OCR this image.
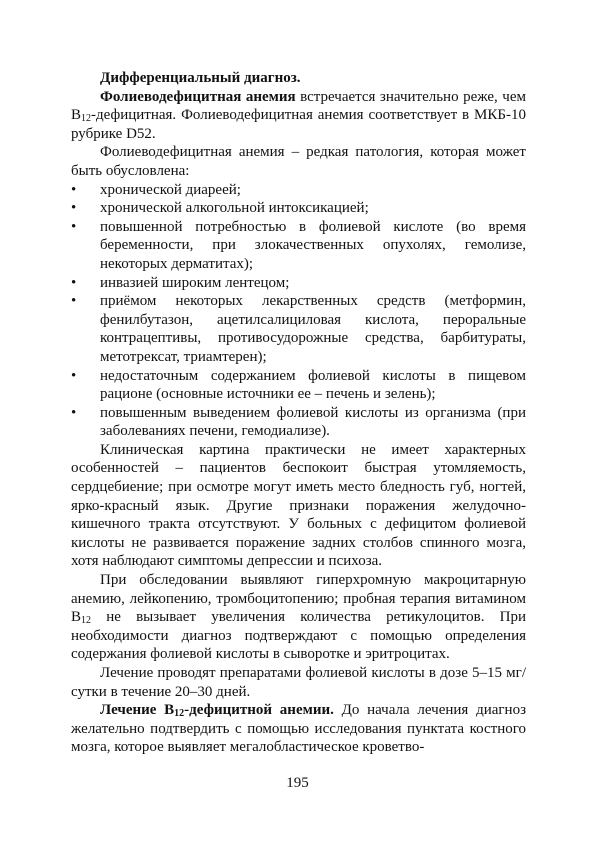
Дифференциальный диагноз.

Фолиеводефицитная анемия встречается значительно реже, чем $В_{12}$-дефицитная. Фолиеводефицитная анемия соответствует в МКБ-10 рубрике D52.

Фолиеводефицитная анемия – редкая патология, которая может быть обусловлена:

• хронической диареей;
• хронической алкогольной интоксикацией;
• повышенной потребностью в фолиевой кислоте (во время беременности, при злокачественных опухолях, гемолизе, некоторых дерматитах);
• инвазией широким лентецом;
• приёмом некоторых лекарственных средств (метформин, фенилбутазон, ацетилсалициловая кислота, пероральные контрацептивы, противосудорожные средства, барбитураты, метотрексат, триамтерен);
• недостаточным содержанием фолиевой кислоты в пищевом рационе (основные источники ее – печень и зелень);
• повышенным выведением фолиевой кислоты из организма (при заболеваниях печени, гемодиализе).

Клиническая картина практически не имеет характерных особенностей – пациентов беспокоит быстрая утомляемость, сердцебиение; при осмотре могут иметь место бледность губ, ногтей, ярко-красный язык. Другие признаки поражения желудочно-кишечного тракта отсутствуют. У больных с дефицитом фолиевой кислоты не развивается поражение задних столбов спинного мозга, хотя наблюдают симптомы депрессии и психоза.

При обследовании выявляют гиперхромную макроцитарную анемию, лейкопению, тромбоцитопению; пробная терапия витамином $В_{12}$ не вызывает увеличения количества ретикулоцитов. При необходимости диагноз подтверждают с помощью определения содержания фолиевой кислоты в сыворотке и эритроцитах.

Лечение проводят препаратами фолиевой кислоты в дозе 5–15 мг/сутки в течение 20–30 дней.

Лечение $В_{12}$-дефицитной анемии. До начала лечения диагноз желательно подтвердить с помощью исследования пунктата костного мозга, которое выявляет мегалобластическое кроветво-

195
